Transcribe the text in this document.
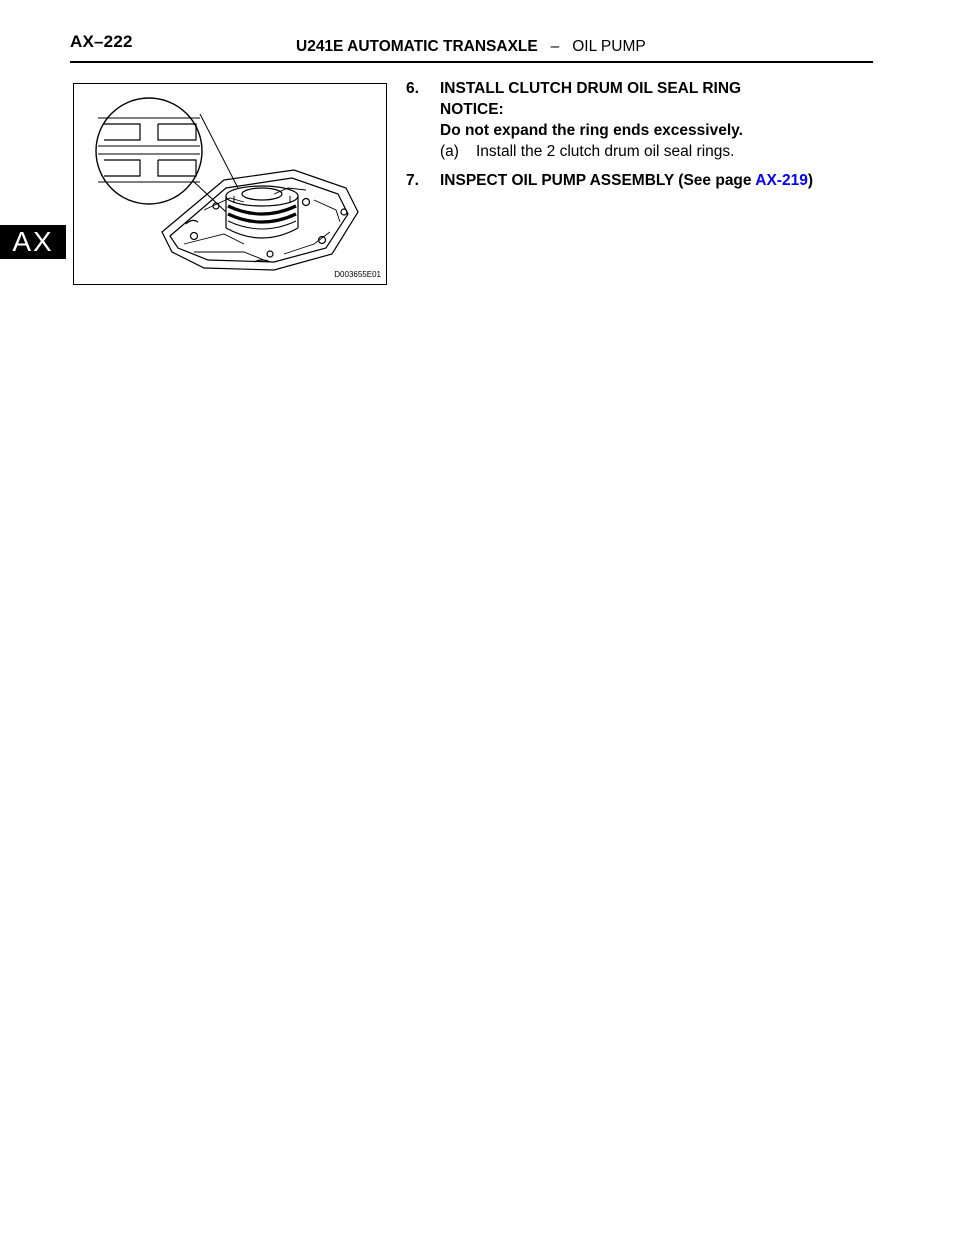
AX–222	U241E AUTOMATIC TRANSAXLE – OIL PUMP
AX
D003655E01
6.	INSTALL CLUTCH DRUM OIL SEAL RING
NOTICE:
Do not expand the ring ends excessively.
(a)	Install the 2 clutch drum oil seal rings.
7.	INSPECT OIL PUMP ASSEMBLY (See page AX-219)
